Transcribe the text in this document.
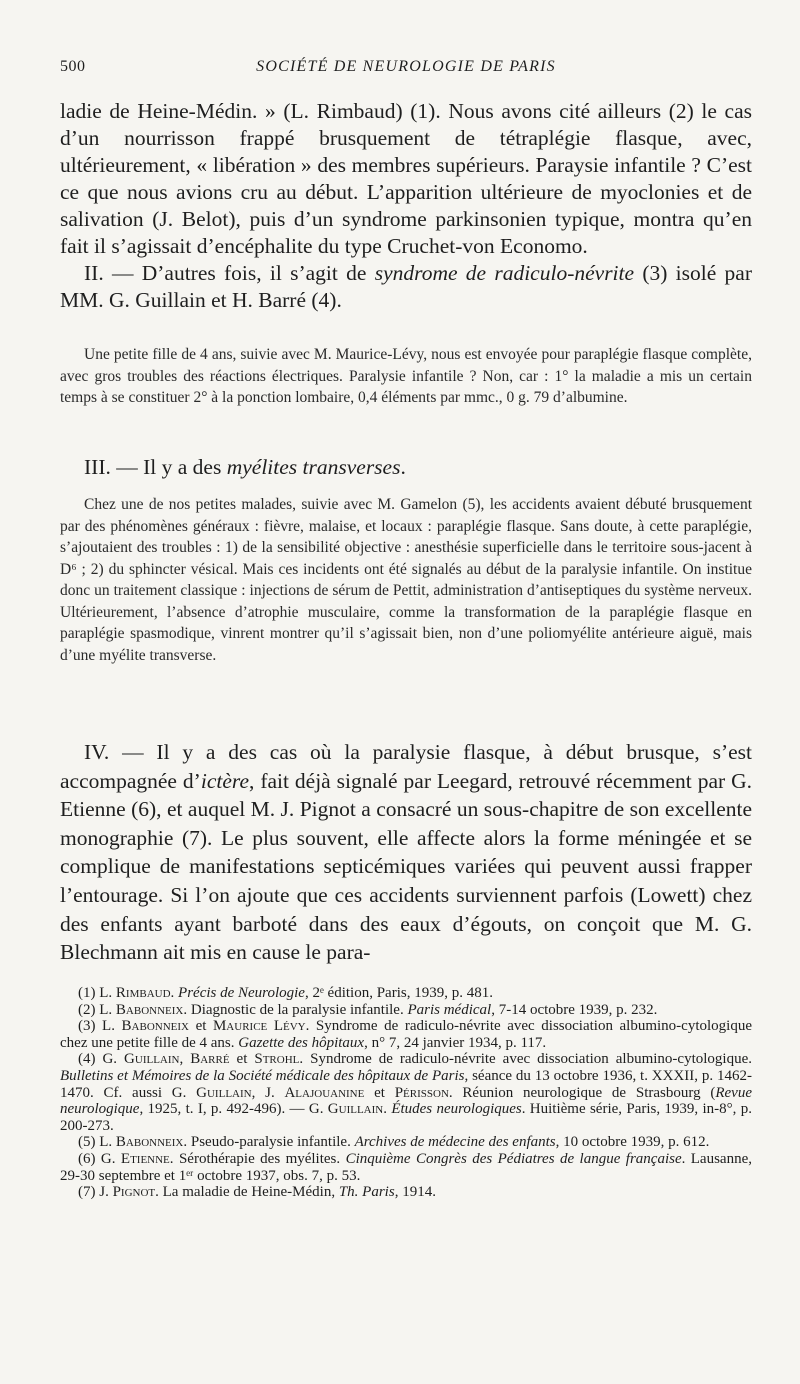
500	SOCIÉTÉ DE NEUROLOGIE DE PARIS

ladie de Heine-Médin. » (L. Rimbaud) (1). Nous avons cité ailleurs (2) le cas d’un nourrisson frappé brusquement de tétraplégie flasque, avec, ultérieurement, « libération » des membres supérieurs. Paraysie infantile ? C’est ce que nous avions cru au début. L’apparition ultérieure de myoclonies et de salivation (J. Belot), puis d’un syndrome parkinsonien typique, montra qu’en fait il s’agissait d’encéphalite du type Cruchet-von Economo.

II. — D’autres fois, il s’agit de syndrome de radiculo-névrite (3) isolé par MM. G. Guillain et H. Barré (4).

Une petite fille de 4 ans, suivie avec M. Maurice-Lévy, nous est envoyée pour paraplégie flasque complète, avec gros troubles des réactions électriques. Paralysie infantile ? Non, car : 1° la maladie a mis un certain temps à se constituer 2° à la ponction lombaire, 0,4 éléments par mmc., 0 g. 79 d’albumine.

III. — Il y a des myélites transverses.

Chez une de nos petites malades, suivie avec M. Gamelon (5), les accidents avaient débuté brusquement par des phénomènes généraux : fièvre, malaise, et locaux : paraplégie flasque. Sans doute, à cette paraplégie, s’ajoutaient des troubles : 1) de la sensibilité objective : anesthésie superficielle dans le territoire sous-jacent à D⁶ ; 2) du sphincter vésical. Mais ces incidents ont été signalés au début de la paralysie infantile. On institue donc un traitement classique : injections de sérum de Pettit, administration d’antiseptiques du système nerveux. Ultérieurement, l’absence d’atrophie musculaire, comme la transformation de la paraplégie flasque en paraplégie spasmodique, vinrent montrer qu’il s’agissait bien, non d’une poliomyélite antérieure aiguë, mais d’une myélite transverse.

IV. — Il y a des cas où la paralysie flasque, à début brusque, s’est accompagnée d’ictère, fait déjà signalé par Leegard, retrouvé récemment par G. Etienne (6), et auquel M. J. Pignot a consacré un sous-chapitre de son excellente monographie (7). Le plus souvent, elle affecte alors la forme méningée et se complique de manifestations septicémiques variées qui peuvent aussi frapper l’entourage. Si l’on ajoute que ces accidents surviennent parfois (Lowett) chez des enfants ayant barboté dans des eaux d’égouts, on conçoit que M. G. Blechmann ait mis en cause le para-

(1) L. Rimbaud. Précis de Neurologie, 2ᵉ édition, Paris, 1939, p. 481.

(2) L. Babonneix. Diagnostic de la paralysie infantile. Paris médical, 7-14 octobre 1939, p. 232.

(3) L. Babonneix et Maurice Lévy. Syndrome de radiculo-névrite avec dissociation albumino-cytologique chez une petite fille de 4 ans. Gazette des hôpitaux, n° 7, 24 janvier 1934, p. 117.

(4) G. Guillain, Barré et Strohl. Syndrome de radiculo-névrite avec dissociation albumino-cytologique. Bulletins et Mémoires de la Société médicale des hôpitaux de Paris, séance du 13 octobre 1936, t. XXXII, p. 1462-1470. Cf. aussi G. Guillain, J. Alajouanine et Périsson. Réunion neurologique de Strasbourg (Revue neurologique, 1925, t. I, p. 492-496). — G. Guillain. Études neurologiques. Huitième série, Paris, 1939, in-8°, p. 200-273.

(5) L. Babonneix. Pseudo-paralysie infantile. Archives de médecine des enfants, 10 octobre 1939, p. 612.

(6) G. Etienne. Sérothérapie des myélites. Cinquième Congrès des Pédiatres de langue française. Lausanne, 29-30 septembre et 1ᵉʳ octobre 1937, obs. 7, p. 53.

(7) J. Pignot. La maladie de Heine-Médin, Th. Paris, 1914.
